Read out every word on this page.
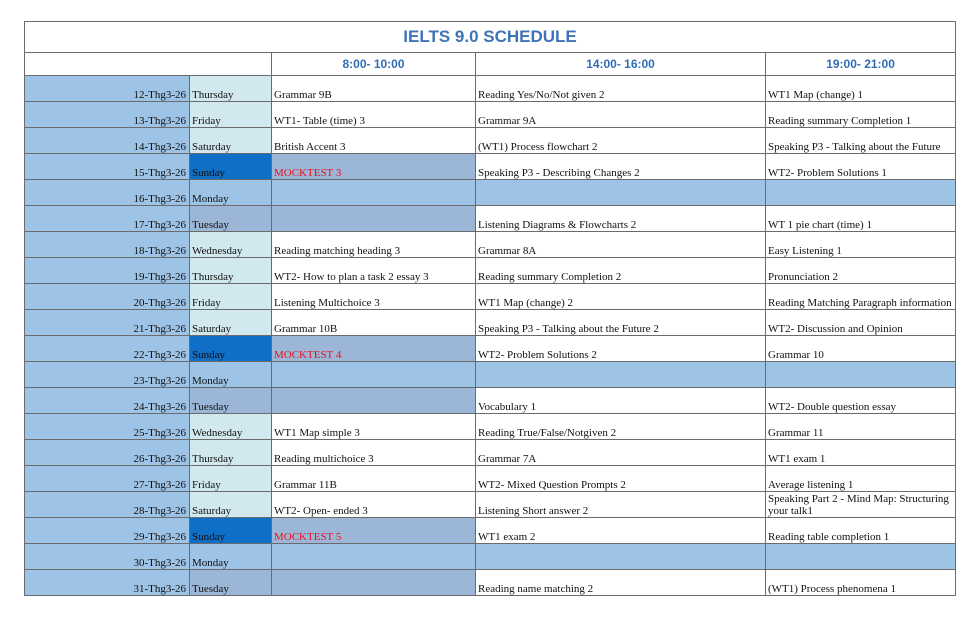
IELTS 9.0 SCHEDULE				
		8:00- 10:00	14:00- 16:00	19:00- 21:00
12-Thg3-26	Thursday	Grammar 9B	Reading Yes/No/Not given 2	WT1 Map (change) 1
13-Thg3-26	Friday	WT1- Table (time) 3	Grammar 9A	Reading summary Completion 1
14-Thg3-26	Saturday	British Accent 3	(WT1) Process flowchart 2	Speaking P3 - Talking about the Future
15-Thg3-26	Sunday	MOCKTEST 3	Speaking P3 - Describing Changes 2	WT2- Problem Solutions 1
16-Thg3-26	Monday			
17-Thg3-26	Tuesday		Listening Diagrams & Flowcharts 2	WT 1 pie chart (time) 1
18-Thg3-26	Wednesday	Reading matching heading 3	Grammar 8A	Easy Listening 1
19-Thg3-26	Thursday	WT2- How to plan a task 2 essay 3	Reading summary Completion 2	Pronunciation 2
20-Thg3-26	Friday	Listening Multichoice 3	WT1 Map (change) 2	Reading Matching Paragraph information
21-Thg3-26	Saturday	Grammar 10B	Speaking P3 - Talking about the Future 2	WT2- Discussion and Opinion
22-Thg3-26	Sunday	MOCKTEST 4	WT2- Problem Solutions 2	Grammar 10
23-Thg3-26	Monday			
24-Thg3-26	Tuesday		Vocabulary 1	WT2- Double question essay
25-Thg3-26	Wednesday	WT1 Map simple 3	Reading True/False/Notgiven 2	Grammar 11
26-Thg3-26	Thursday	Reading multichoice 3	Grammar 7A	WT1 exam 1
27-Thg3-26	Friday	Grammar 11B	WT2- Mixed Question Prompts 2	Average listening 1
28-Thg3-26	Saturday	WT2- Open- ended 3	Listening Short answer 2	Speaking Part 2 - Mind Map: Structuring your talk1
29-Thg3-26	Sunday	MOCKTEST 5	WT1 exam 2	Reading table completion 1
30-Thg3-26	Monday			
31-Thg3-26	Tuesday		Reading name matching 2	(WT1) Process phenomena 1
